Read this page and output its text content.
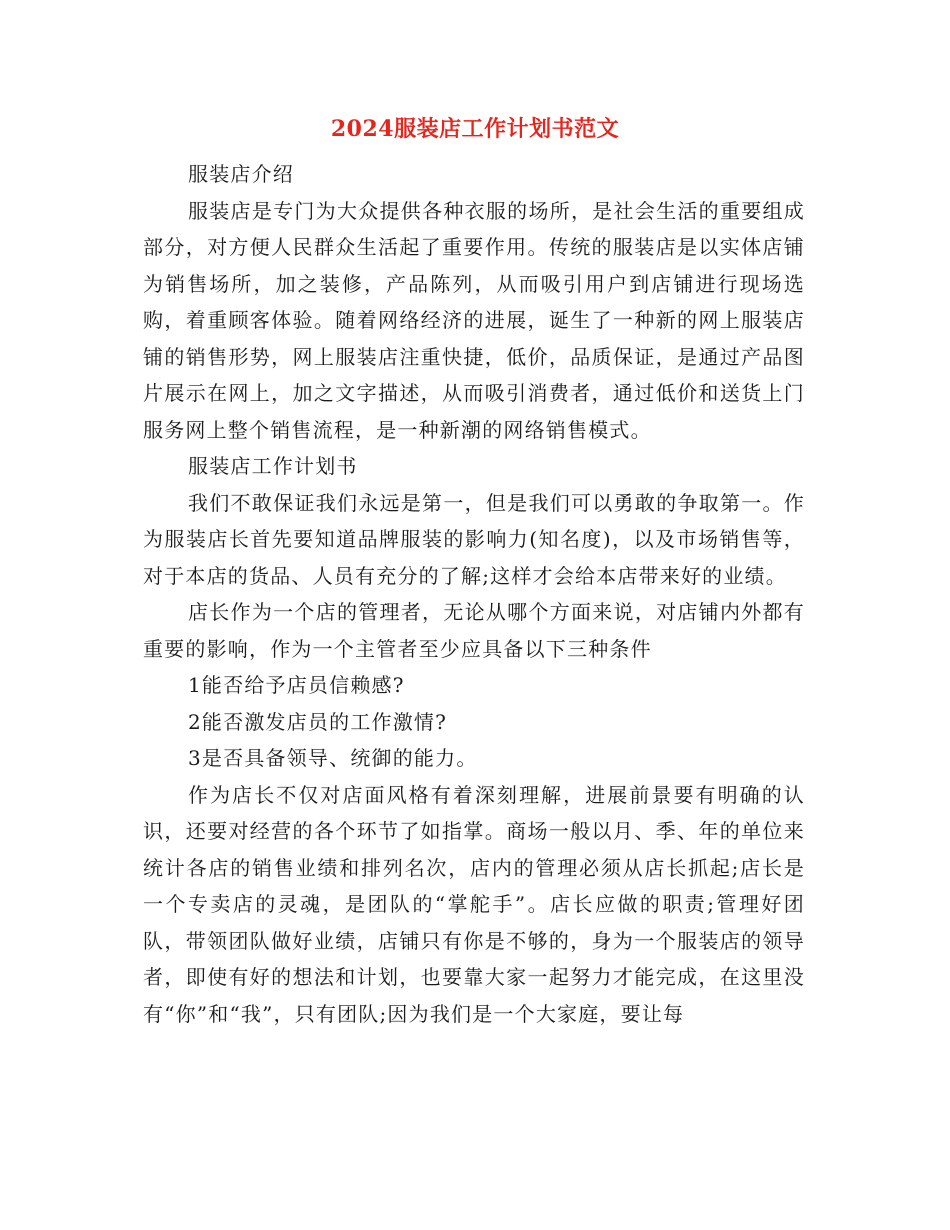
2024服装店工作计划书范文

服装店介绍

服装店是专门为大众提供各种衣服的场所，是社会生活的重要组成部分，对方便人民群众生活起了重要作用。传统的服装店是以实体店铺为销售场所，加之装修，产品陈列，从而吸引用户到店铺进行现场选购，着重顾客体验。随着网络经济的进展，诞生了一种新的网上服装店铺的销售形势，网上服装店注重快捷，低价，品质保证，是通过产品图片展示在网上，加之文字描述，从而吸引消费者，通过低价和送货上门服务网上整个销售流程，是一种新潮的网络销售模式。

服装店工作计划书

我们不敢保证我们永远是第一，但是我们可以勇敢的争取第一。作为服装店长首先要知道品牌服装的影响力(知名度)，以及市场销售等，对于本店的货品、人员有充分的了解;这样才会给本店带来好的业绩。

店长作为一个店的管理者，无论从哪个方面来说，对店铺内外都有重要的影响，作为一个主管者至少应具备以下三种条件

1能否给予店员信赖感?

2能否激发店员的工作激情?

3是否具备领导、统御的能力。

作为店长不仅对店面风格有着深刻理解，进展前景要有明确的认识，还要对经营的各个环节了如指掌。商场一般以月、季、年的单位来统计各店的销售业绩和排列名次，店内的管理必须从店长抓起;店长是一个专卖店的灵魂，是团队的“掌舵手”。店长应做的职责;管理好团队，带领团队做好业绩，店铺只有你是不够的，身为一个服装店的领导者，即使有好的想法和计划，也要靠大家一起努力才能完成，在这里没有“你”和“我”，只有团队;因为我们是一个大家庭，要让每
